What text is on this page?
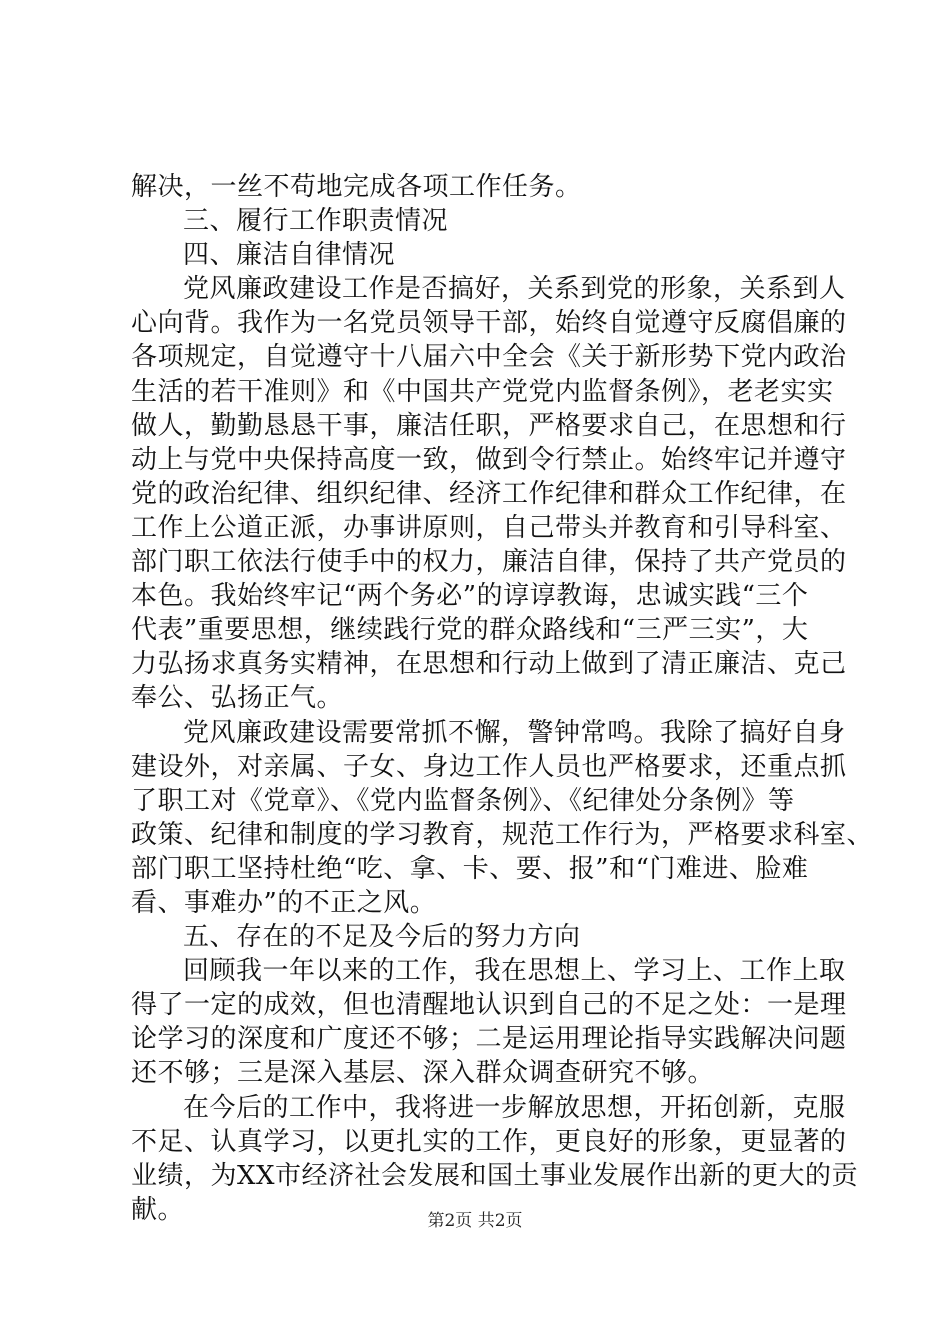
解决，一丝不苟地完成各项工作任务。
三、履行工作职责情况
四、廉洁自律情况
党风廉政建设工作是否搞好，关系到党的形象，关系到人
心向背。我作为一名党员领导干部，始终自觉遵守反腐倡廉的
各项规定，自觉遵守十八届六中全会《关于新形势下党内政治
生活的若干准则》和《中国共产党党内监督条例》，老老实实
做人，勤勤恳恳干事，廉洁任职，严格要求自己，在思想和行
动上与党中央保持高度一致，做到令行禁止。始终牢记并遵守
党的政治纪律、组织纪律、经济工作纪律和群众工作纪律，在
工作上公道正派，办事讲原则，自己带头并教育和引导科室、
部门职工依法行使手中的权力，廉洁自律，保持了共产党员的
本色。我始终牢记“两个务必”的谆谆教诲，忠诚实践“三个
代表”重要思想，继续践行党的群众路线和“三严三实”，大
力弘扬求真务实精神，在思想和行动上做到了清正廉洁、克己
奉公、弘扬正气。
党风廉政建设需要常抓不懈，警钟常鸣。我除了搞好自身
建设外，对亲属、子女、身边工作人员也严格要求，还重点抓
了职工对《党章》、《党内监督条例》、《纪律处分条例》等
政策、纪律和制度的学习教育，规范工作行为，严格要求科室、
部门职工坚持杜绝“吃、拿、卡、要、报”和“门难进、脸难
看、事难办”的不正之风。
五、存在的不足及今后的努力方向
回顾我一年以来的工作，我在思想上、学习上、工作上取
得了一定的成效，但也清醒地认识到自己的不足之处：一是理
论学习的深度和广度还不够；二是运用理论指导实践解决问题
还不够；三是深入基层、深入群众调查研究不够。
在今后的工作中，我将进一步解放思想，开拓创新，克服
不足、认真学习，以更扎实的工作，更良好的形象，更显著的
业绩，为XX市经济社会发展和国土事业发展作出新的更大的贡
献。	第2页 共2页
